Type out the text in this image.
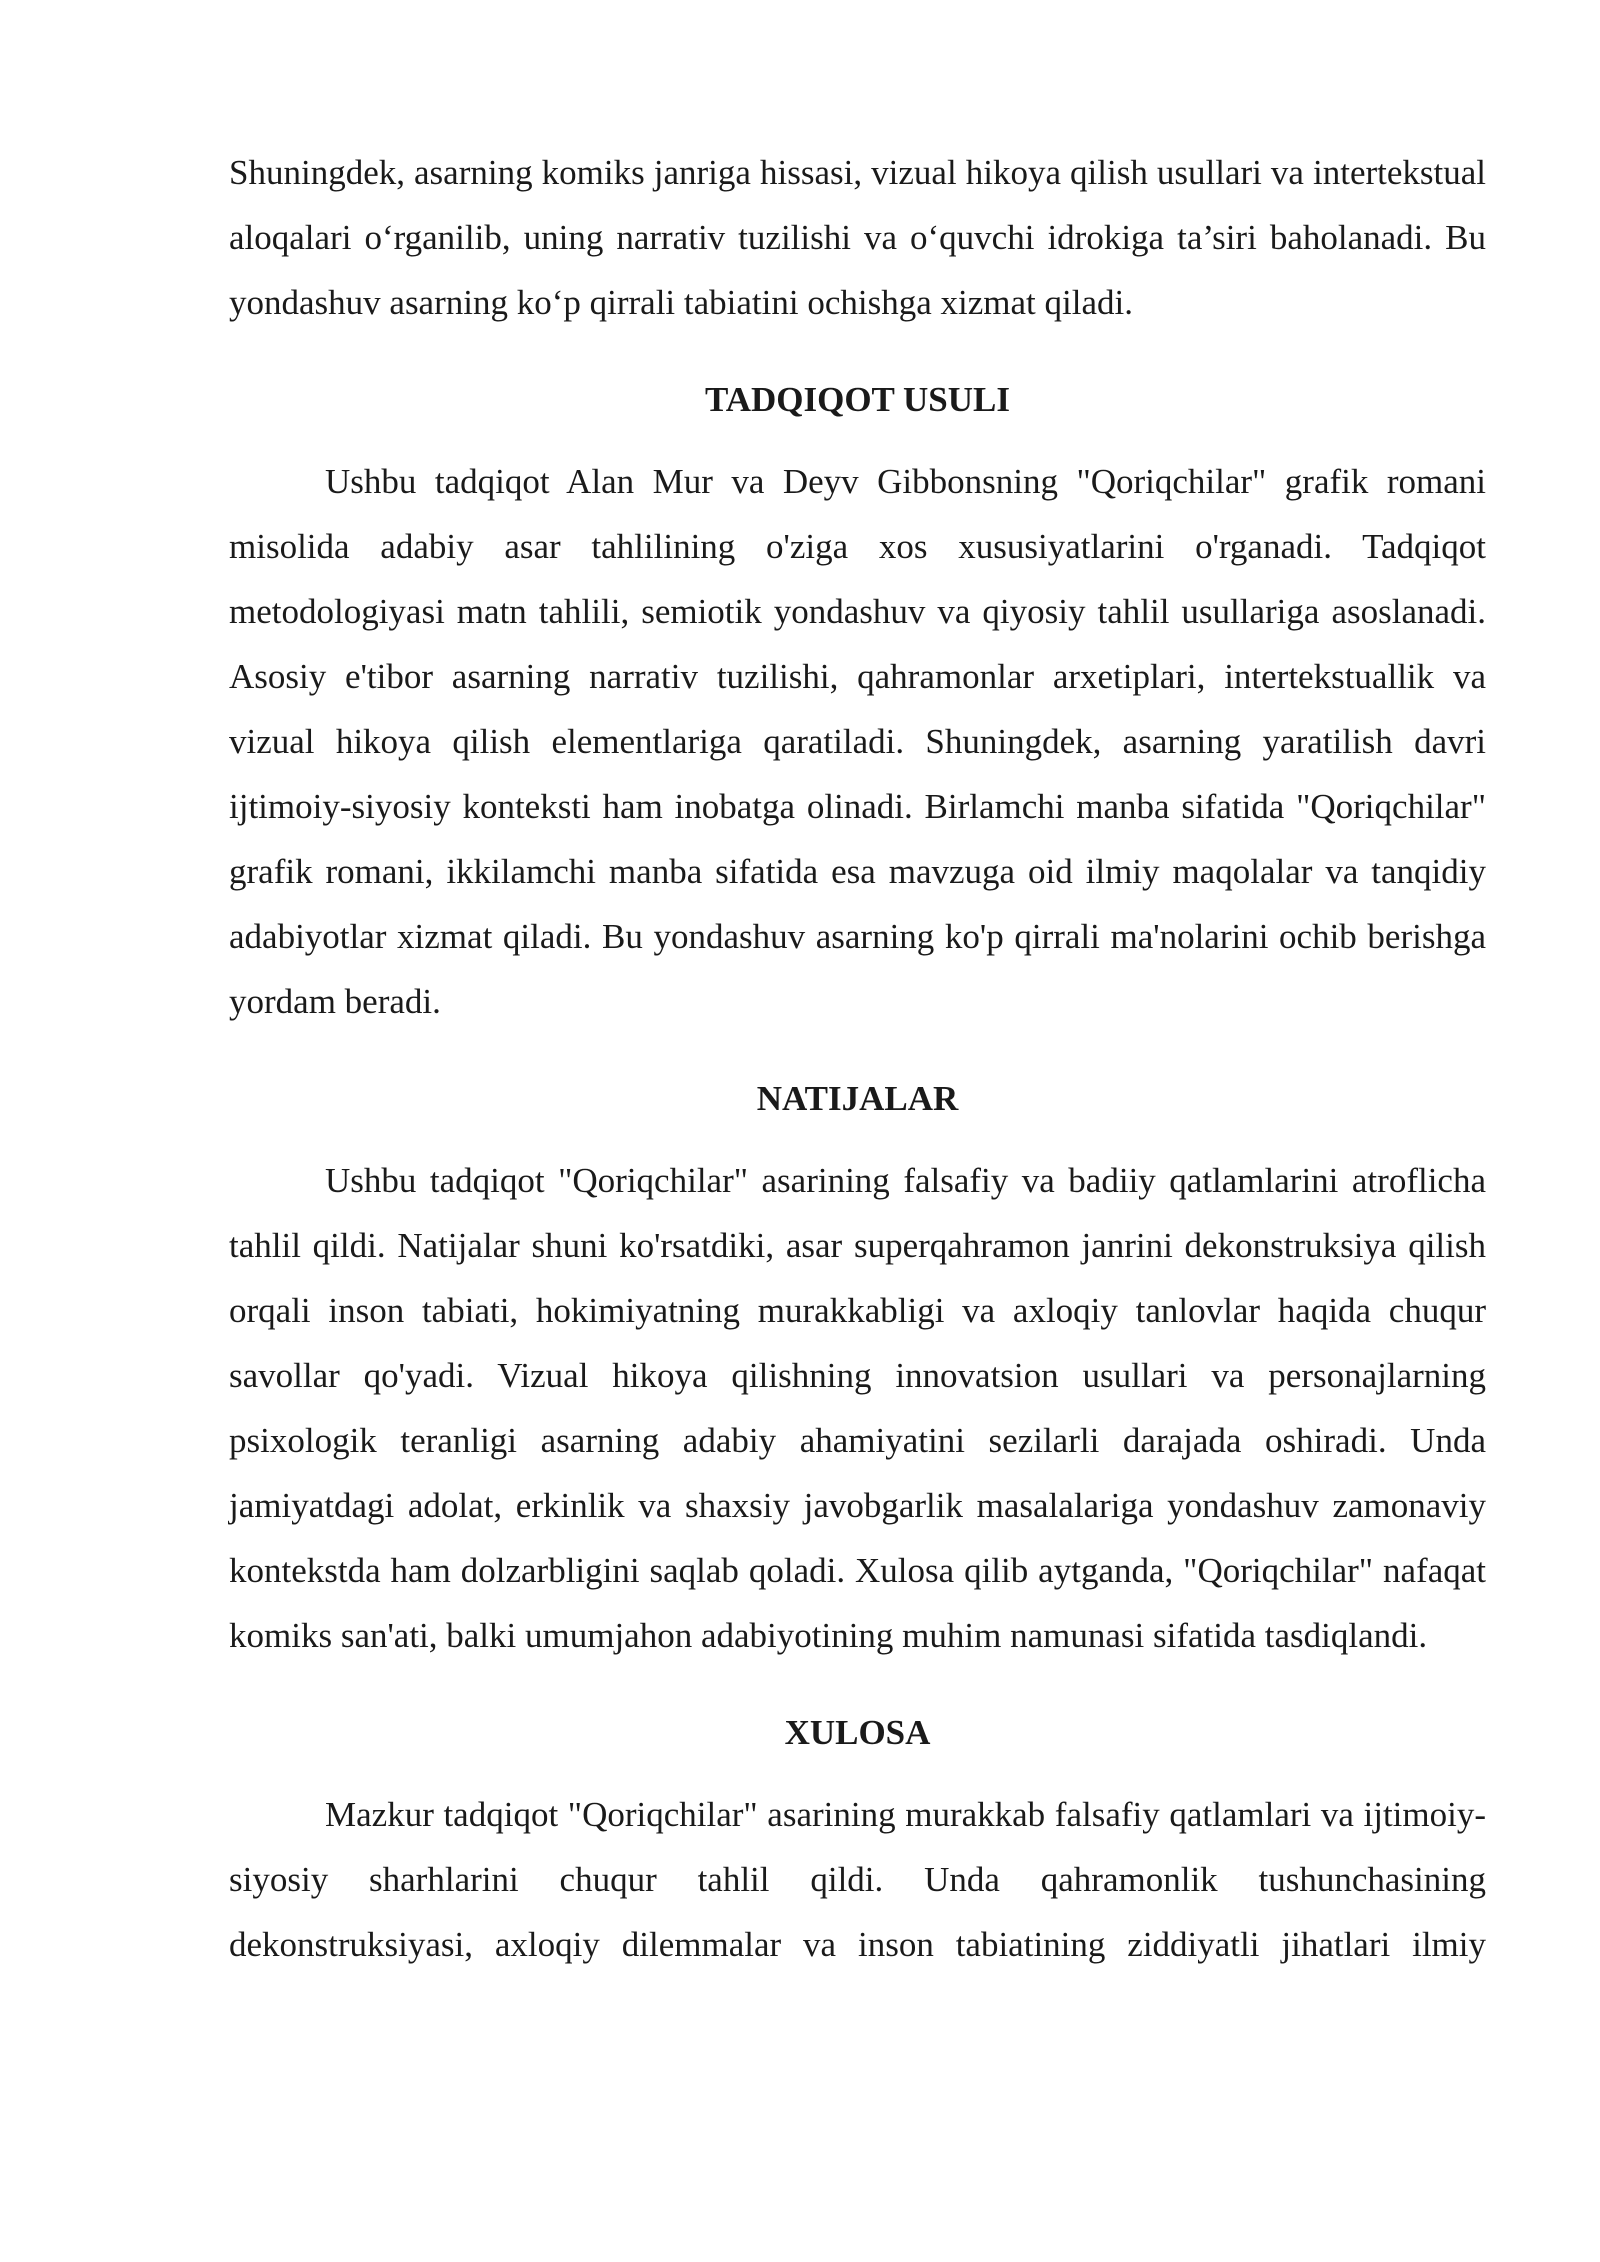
Shuningdek, asarning komiks janriga hissasi, vizual hikoya qilish usullari va intertekstual aloqalari o‘rganilib, uning narrativ tuzilishi va o‘quvchi idrokiga ta’siri baholanadi. Bu yondashuv asarning ko‘p qirrali tabiatini ochishga xizmat qiladi.

TADQIQOT USULI

Ushbu tadqiqot Alan Mur va Deyv Gibbonsning "Qoriqchilar" grafik romani misolida adabiy asar tahlilining o'ziga xos xususiyatlarini o'rganadi. Tadqiqot metodologiyasi matn tahlili, semiotik yondashuv va qiyosiy tahlil usullariga asoslanadi. Asosiy e'tibor asarning narrativ tuzilishi, qahramonlar arxetiplari, intertekstuallik va vizual hikoya qilish elementlariga qaratiladi. Shuningdek, asarning yaratilish davri ijtimoiy-siyosiy konteksti ham inobatga olinadi. Birlamchi manba sifatida "Qoriqchilar" grafik romani, ikkilamchi manba sifatida esa mavzuga oid ilmiy maqolalar va tanqidiy adabiyotlar xizmat qiladi. Bu yondashuv asarning ko'p qirrali ma'nolarini ochib berishga yordam beradi.

NATIJALAR

Ushbu tadqiqot "Qoriqchilar" asarining falsafiy va badiiy qatlamlarini atroflicha tahlil qildi. Natijalar shuni ko'rsatdiki, asar superqahramon janrini dekonstruksiya qilish orqali inson tabiati, hokimiyatning murakkabligi va axloqiy tanlovlar haqida chuqur savollar qo'yadi. Vizual hikoya qilishning innovatsion usullari va personajlarning psixologik teranligi asarning adabiy ahamiyatini sezilarli darajada oshiradi. Unda jamiyatdagi adolat, erkinlik va shaxsiy javobgarlik masalalariga yondashuv zamonaviy kontekstda ham dolzarbligini saqlab qoladi. Xulosa qilib aytganda, "Qoriqchilar" nafaqat komiks san'ati, balki umumjahon adabiyotining muhim namunasi sifatida tasdiqlandi.

XULOSA

Mazkur tadqiqot "Qoriqchilar" asarining murakkab falsafiy qatlamlari va ijtimoiy-siyosiy sharhlarini chuqur tahlil qildi. Unda qahramonlik tushunchasining dekonstruksiyasi, axloqiy dilemmalar va inson tabiatining ziddiyatli jihatlari ilmiy
